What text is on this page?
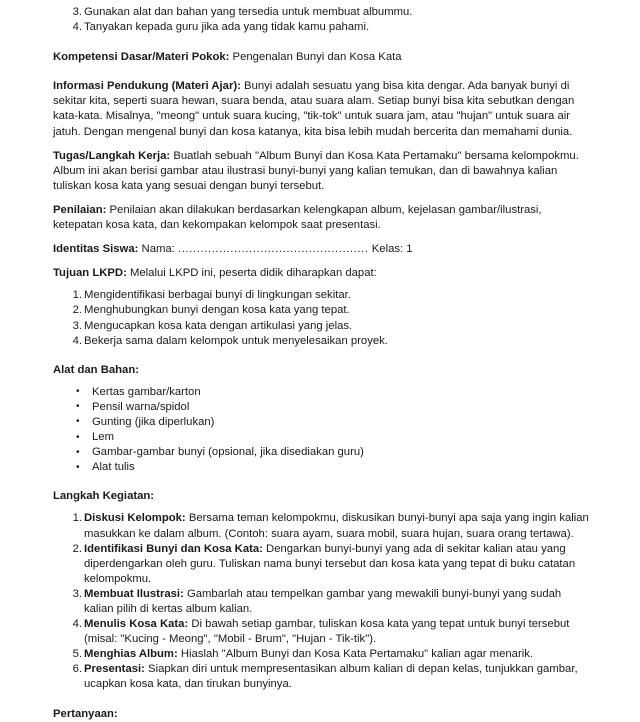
Gunakan alat dan bahan yang tersedia untuk membuat albummu.
Tanyakan kepada guru jika ada yang tidak kamu pahami.

Kompetensi Dasar/Materi Pokok: Pengenalan Bunyi dan Kosa Kata

Informasi Pendukung (Materi Ajar): Bunyi adalah sesuatu yang bisa kita dengar. Ada banyak bunyi di sekitar kita, seperti suara hewan, suara benda, atau suara alam. Setiap bunyi bisa kita sebutkan dengan kata-kata. Misalnya, "meong" untuk suara kucing, "tik-tok" untuk suara jam, atau "hujan" untuk suara air jatuh. Dengan mengenal bunyi dan kosa katanya, kita bisa lebih mudah bercerita dan memahami dunia.

Tugas/Langkah Kerja: Buatlah sebuah "Album Bunyi dan Kosa Kata Pertamaku" bersama kelompokmu. Album ini akan berisi gambar atau ilustrasi bunyi-bunyi yang kalian temukan, dan di bawahnya kalian tuliskan kosa kata yang sesuai dengan bunyi tersebut.

Penilaian: Penilaian akan dilakukan berdasarkan kelengkapan album, kejelasan gambar/ilustrasi, ketepatan kosa kata, dan kekompakan kelompok saat presentasi.

Identitas Siswa: Nama: ................................................... Kelas: 1

Tujuan LKPD: Melalui LKPD ini, peserta didik diharapkan dapat:

Mengidentifikasi berbagai bunyi di lingkungan sekitar.
Menghubungkan bunyi dengan kosa kata yang tepat.
Mengucapkan kosa kata dengan artikulasi yang jelas.
Bekerja sama dalam kelompok untuk menyelesaikan proyek.

Alat dan Bahan:

• Kertas gambar/karton
• Pensil warna/spidol
• Gunting (jika diperlukan)
• Lem
• Gambar-gambar bunyi (opsional, jika disediakan guru)
• Alat tulis

Langkah Kegiatan:

Diskusi Kelompok: Bersama teman kelompokmu, diskusikan bunyi-bunyi apa saja yang ingin kalian masukkan ke dalam album. (Contoh: suara ayam, suara mobil, suara hujan, suara orang tertawa).
Identifikasi Bunyi dan Kosa Kata: Dengarkan bunyi-bunyi yang ada di sekitar kalian atau yang diperdengarkan oleh guru. Tuliskan nama bunyi tersebut dan kosa kata yang tepat di buku catatan kelompokmu.
Membuat Ilustrasi: Gambarlah atau tempelkan gambar yang mewakili bunyi-bunyi yang sudah kalian pilih di kertas album kalian.
Menulis Kosa Kata: Di bawah setiap gambar, tuliskan kosa kata yang tepat untuk bunyi tersebut (misal: "Kucing - Meong", "Mobil - Brum", "Hujan - Tik-tik").
Menghias Album: Hiaslah "Album Bunyi dan Kosa Kata Pertamaku" kalian agar menarik.
Presentasi: Siapkan diri untuk mempresentasikan album kalian di depan kelas, tunjukkan gambar, ucapkan kosa kata, dan tirukan bunyinya.

Pertanyaan:
